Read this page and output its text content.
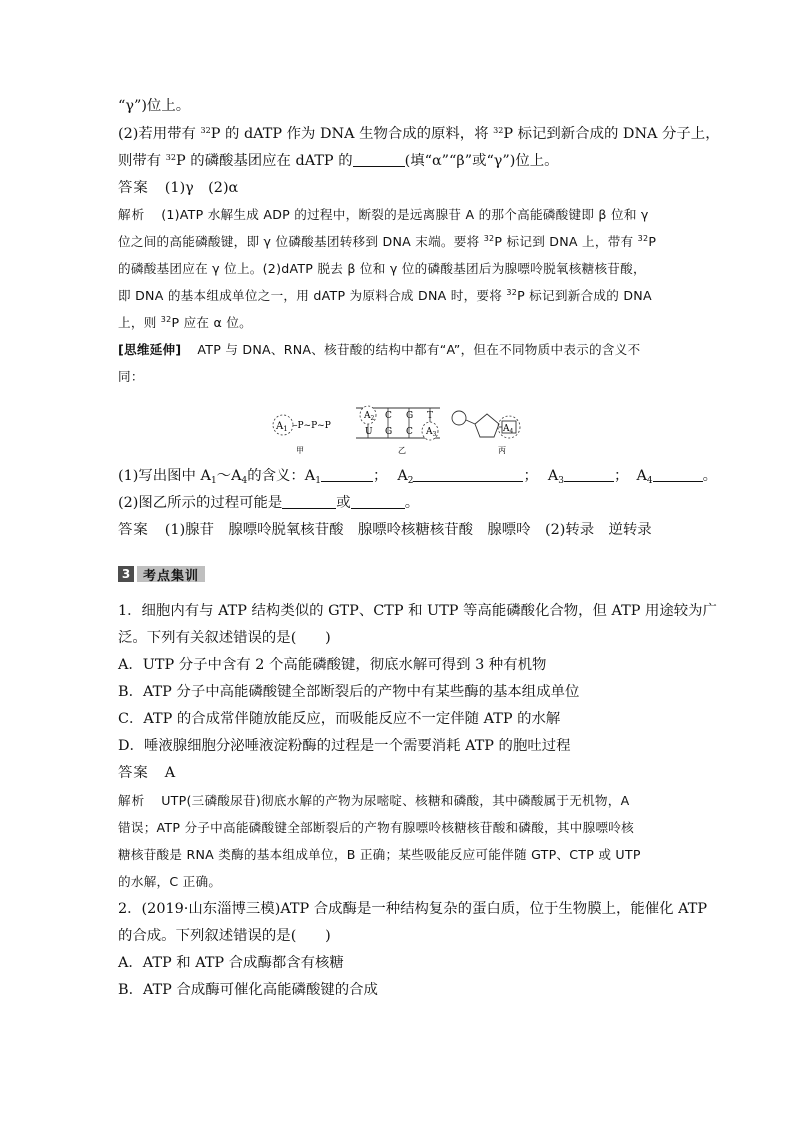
“γ”)位上。
(2)若用带有 $^{32}$P 的 dATP 作为 DNA 生物合成的原料，将 $^{32}$P 标记到新合成的 DNA 分子上，
则带有 $^{32}$P 的磷酸基团应在 dATP 的	(填“α”“β”或“γ”)位上。
答案 (1)γ　(2)α
解析 (1)ATP 水解生成 ADP 的过程中，断裂的是远离腺苷 A 的那个高能磷酸键即 β 位和 γ
位之间的高能磷酸键，即 γ 位磷酸基团转移到 DNA 末端。要将 $^{32}$P 标记到 DNA 上，带有 $^{32}$P
的磷酸基团应在 γ 位上。(2)dATP 脱去 β 位和 γ 位的磷酸基团后为腺嘌呤脱氧核糖核苷酸，
即 DNA 的基本组成单位之一，用 dATP 为原料合成 DNA 时，要将 $^{32}$P 标记到新合成的 DNA
上，则 $^{32}$P 应在 α 位。
[思维延伸] ATP 与 DNA、RNA、核苷酸的结构中都有“A”，但在不同物质中表示的含义不
同：
$A_1$ –P~P~P
甲
$A_2$ C G T
U G C $A_3$
乙
$A_4$
丙
(1)写出图中 $A_1\sim A_4$的含义：$A_1$	； $A_2$	； $A_3$	； $A_4$	。
(2)图乙所示的过程可能是	或	。
答案 (1)腺苷　腺嘌呤脱氧核苷酸　腺嘌呤核糖核苷酸　腺嘌呤　(2)转录　逆转录
3 考点集训
1．细胞内有与 ATP 结构类似的 GTP、CTP 和 UTP 等高能磷酸化合物，但 ATP 用途较为广
泛。下列有关叙述错误的是(　　)
A．UTP 分子中含有 2 个高能磷酸键，彻底水解可得到 3 种有机物
B．ATP 分子中高能磷酸键全部断裂后的产物中有某些酶的基本组成单位
C．ATP 的合成常伴随放能反应，而吸能反应不一定伴随 ATP 的水解
D．唾液腺细胞分泌唾液淀粉酶的过程是一个需要消耗 ATP 的胞吐过程
答案 A
解析 UTP(三磷酸尿苷)彻底水解的产物为尿嘧啶、核糖和磷酸，其中磷酸属于无机物，A
错误；ATP 分子中高能磷酸键全部断裂后的产物有腺嘌呤核糖核苷酸和磷酸，其中腺嘌呤核
糖核苷酸是 RNA 类酶的基本组成单位，B 正确；某些吸能反应可能伴随 GTP、CTP 或 UTP
的水解，C 正确。
2．(2019·山东淄博三模)ATP 合成酶是一种结构复杂的蛋白质，位于生物膜上，能催化 ATP
的合成。下列叙述错误的是(　　)
A．ATP 和 ATP 合成酶都含有核糖
B．ATP 合成酶可催化高能磷酸键的合成
